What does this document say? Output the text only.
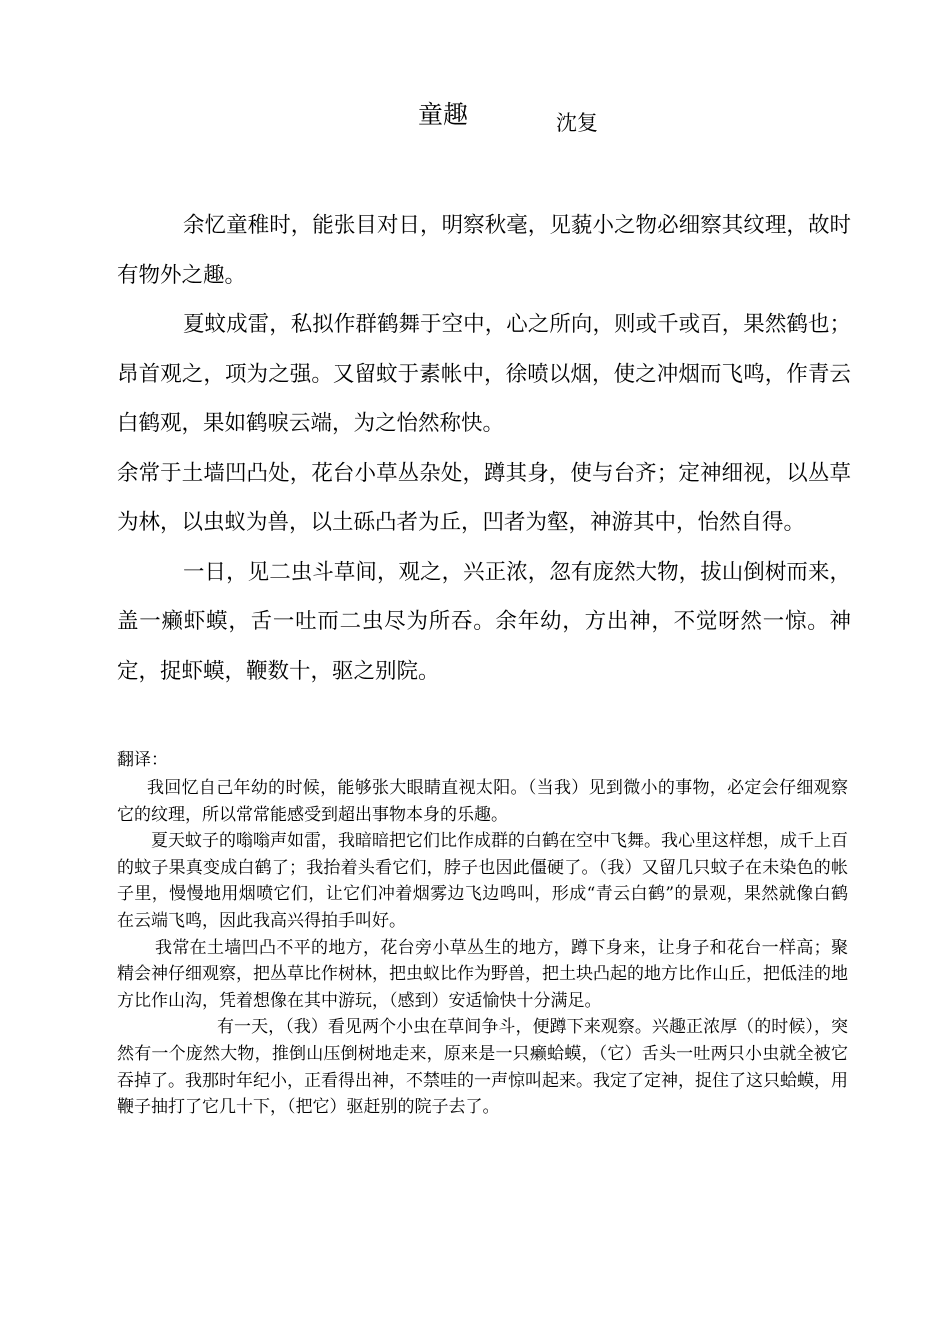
童趣	沈复

余忆童稚时，能张目对日，明察秋毫，见藐小之物必细察其纹理，故时有物外之趣。

夏蚊成雷，私拟作群鹤舞于空中，心之所向，则或千或百，果然鹤也；昂首观之，项为之强。又留蚊于素帐中，徐喷以烟，使之冲烟而飞鸣，作青云白鹤观，果如鹤唳云端，为之怡然称快。

余常于土墙凹凸处，花台小草丛杂处，蹲其身，使与台齐；定神细视，以丛草为林，以虫蚁为兽，以土砾凸者为丘，凹者为壑，神游其中，怡然自得。

一日，见二虫斗草间，观之，兴正浓，忽有庞然大物，拔山倒树而来，盖一癞虾蟆，舌一吐而二虫尽为所吞。余年幼，方出神，不觉呀然一惊。神定，捉虾蟆，鞭数十，驱之别院。

翻译：

我回忆自己年幼的时候，能够张大眼睛直视太阳。（当我）见到微小的事物，必定会仔细观察它的纹理，所以常常能感受到超出事物本身的乐趣。

夏天蚊子的嗡嗡声如雷，我暗暗把它们比作成群的白鹤在空中飞舞。我心里这样想，成千上百的蚊子果真变成白鹤了；我抬着头看它们，脖子也因此僵硬了。（我）又留几只蚊子在未染色的帐子里，慢慢地用烟喷它们，让它们冲着烟雾边飞边鸣叫，形成“青云白鹤”的景观，果然就像白鹤在云端飞鸣，因此我高兴得拍手叫好。

我常在土墙凹凸不平的地方，花台旁小草丛生的地方，蹲下身来，让身子和花台一样高；聚精会神仔细观察，把丛草比作树林，把虫蚁比作为野兽，把土块凸起的地方比作山丘，把低洼的地方比作山沟，凭着想像在其中游玩，（感到）安适愉快十分满足。

有一天，（我）看见两个小虫在草间争斗，便蹲下来观察。兴趣正浓厚（的时候），突然有一个庞然大物，推倒山压倒树地走来，原来是一只癞蛤蟆，（它）舌头一吐两只小虫就全被它吞掉了。我那时年纪小，正看得出神，不禁哇的一声惊叫起来。我定了定神，捉住了这只蛤蟆，用鞭子抽打了它几十下，（把它）驱赶别的院子去了。
